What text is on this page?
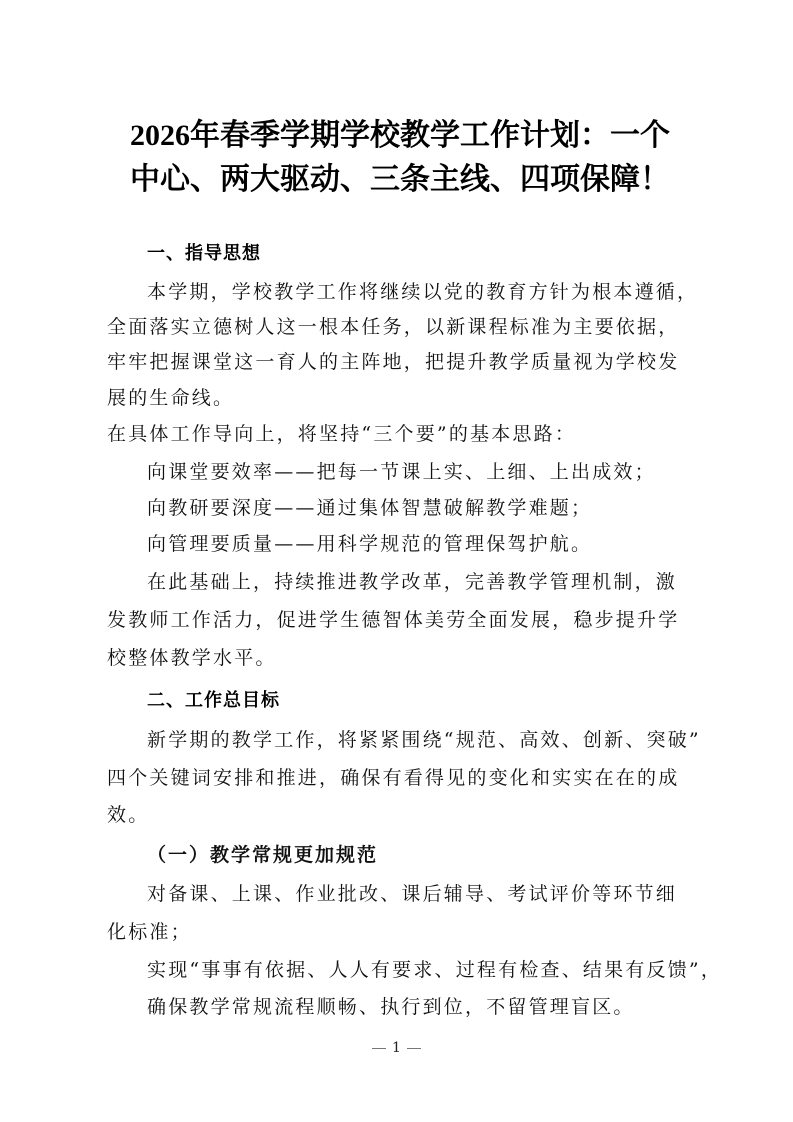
2026年春季学期学校教学工作计划：一个
中心、两大驱动、三条主线、四项保障！
一、指导思想
本学期，学校教学工作将继续以党的教育方针为根本遵循，
全面落实立德树人这一根本任务，以新课程标准为主要依据，
牢牢把握课堂这一育人的主阵地，把提升教学质量视为学校发
展的生命线。
在具体工作导向上，将坚持“三个要”的基本思路：
向课堂要效率——把每一节课上实、上细、上出成效；
向教研要深度——通过集体智慧破解教学难题；
向管理要质量——用科学规范的管理保驾护航。
在此基础上，持续推进教学改革，完善教学管理机制，激
发教师工作活力，促进学生德智体美劳全面发展，稳步提升学
校整体教学水平。
二、工作总目标
新学期的教学工作，将紧紧围绕“规范、高效、创新、突破”
四个关键词安排和推进，确保有看得见的变化和实实在在的成
效。
（一）教学常规更加规范
对备课、上课、作业批改、课后辅导、考试评价等环节细
化标准；
实现“事事有依据、人人有要求、过程有检查、结果有反馈”，
确保教学常规流程顺畅、执行到位，不留管理盲区。
1
